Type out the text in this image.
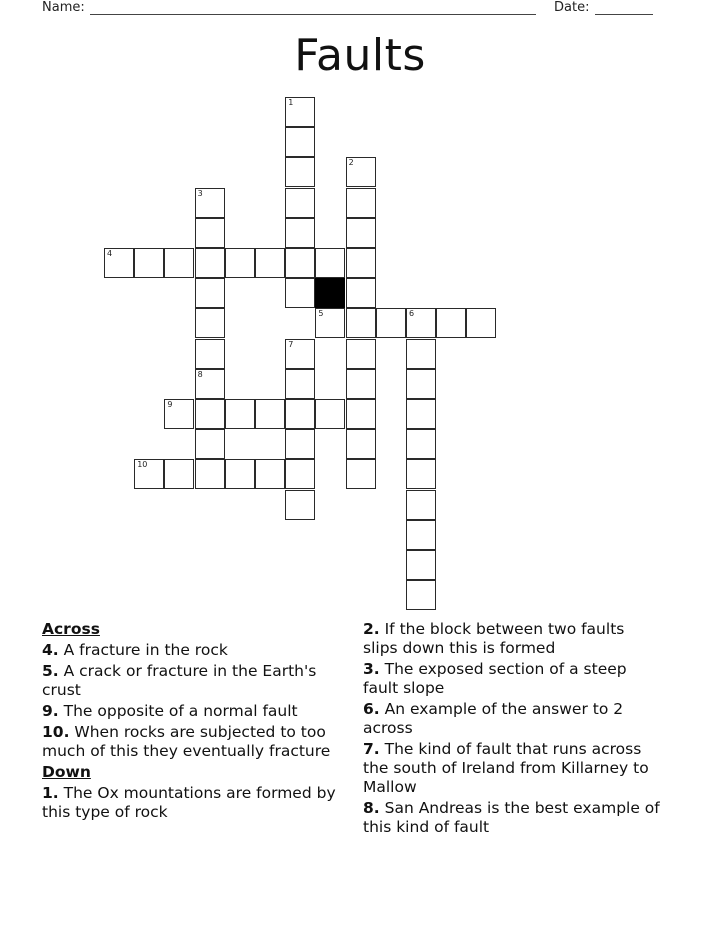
Name:	Date:
Faults
1
2
3
4
5	6
7
8
9
10
Across
4. A fracture in the rock
5. A crack or fracture in the Earth's crust
9. The opposite of a normal fault
10. When rocks are subjected to too much of this they eventually fracture
Down
1. The Ox mountations are formed by this type of rock
2. If the block between two faults slips down this is formed
3. The exposed section of a steep fault slope
6. An example of the answer to 2 across
7. The kind of fault that runs across the south of Ireland from Killarney to Mallow
8. San Andreas is the best example of this kind of fault
